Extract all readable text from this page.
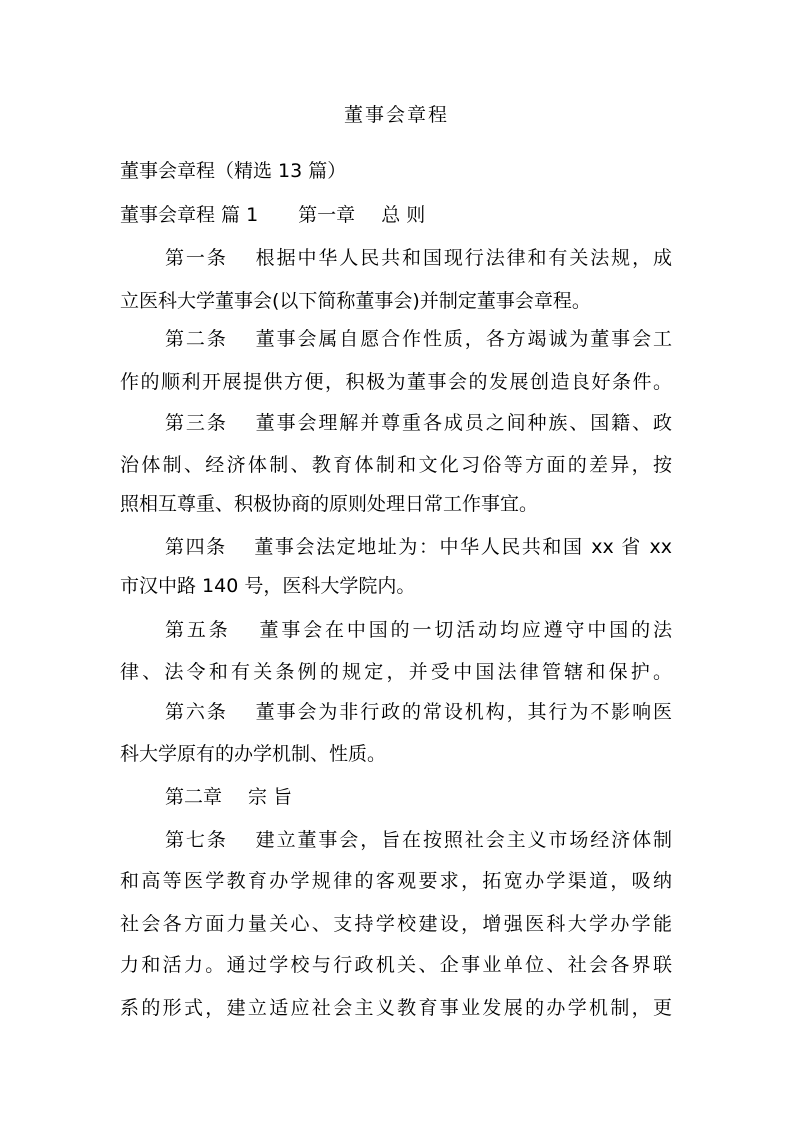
董事会章程
董事会章程（精选 13 篇）
董事会章程 篇 1 第一章 总 则
第一条 根据中华人民共和国现行法律和有关法规，成
立医科大学董事会(以下简称董事会)并制定董事会章程。
第二条 董事会属自愿合作性质，各方竭诚为董事会工
作的顺利开展提供方便，积极为董事会的发展创造良好条件。
第三条 董事会理解并尊重各成员之间种族、国籍、政
治体制、经济体制、教育体制和文化习俗等方面的差异，按
照相互尊重、积极协商的原则处理日常工作事宜。
第四条 董事会法定地址为：中华人民共和国 xx 省 xx
市汉中路 140 号，医科大学院内。
第五条 董事会在中国的一切活动均应遵守中国的法
律、法令和有关条例的规定，并受中国法律管辖和保护。
第六条 董事会为非行政的常设机构，其行为不影响医
科大学原有的办学机制、性质。
第二章 宗 旨
第七条 建立董事会，旨在按照社会主义市场经济体制
和高等医学教育办学规律的客观要求，拓宽办学渠道，吸纳
社会各方面力量关心、支持学校建设，增强医科大学办学能
力和活力。通过学校与行政机关、企事业单位、社会各界联
系的形式，建立适应社会主义教育事业发展的办学机制，更
